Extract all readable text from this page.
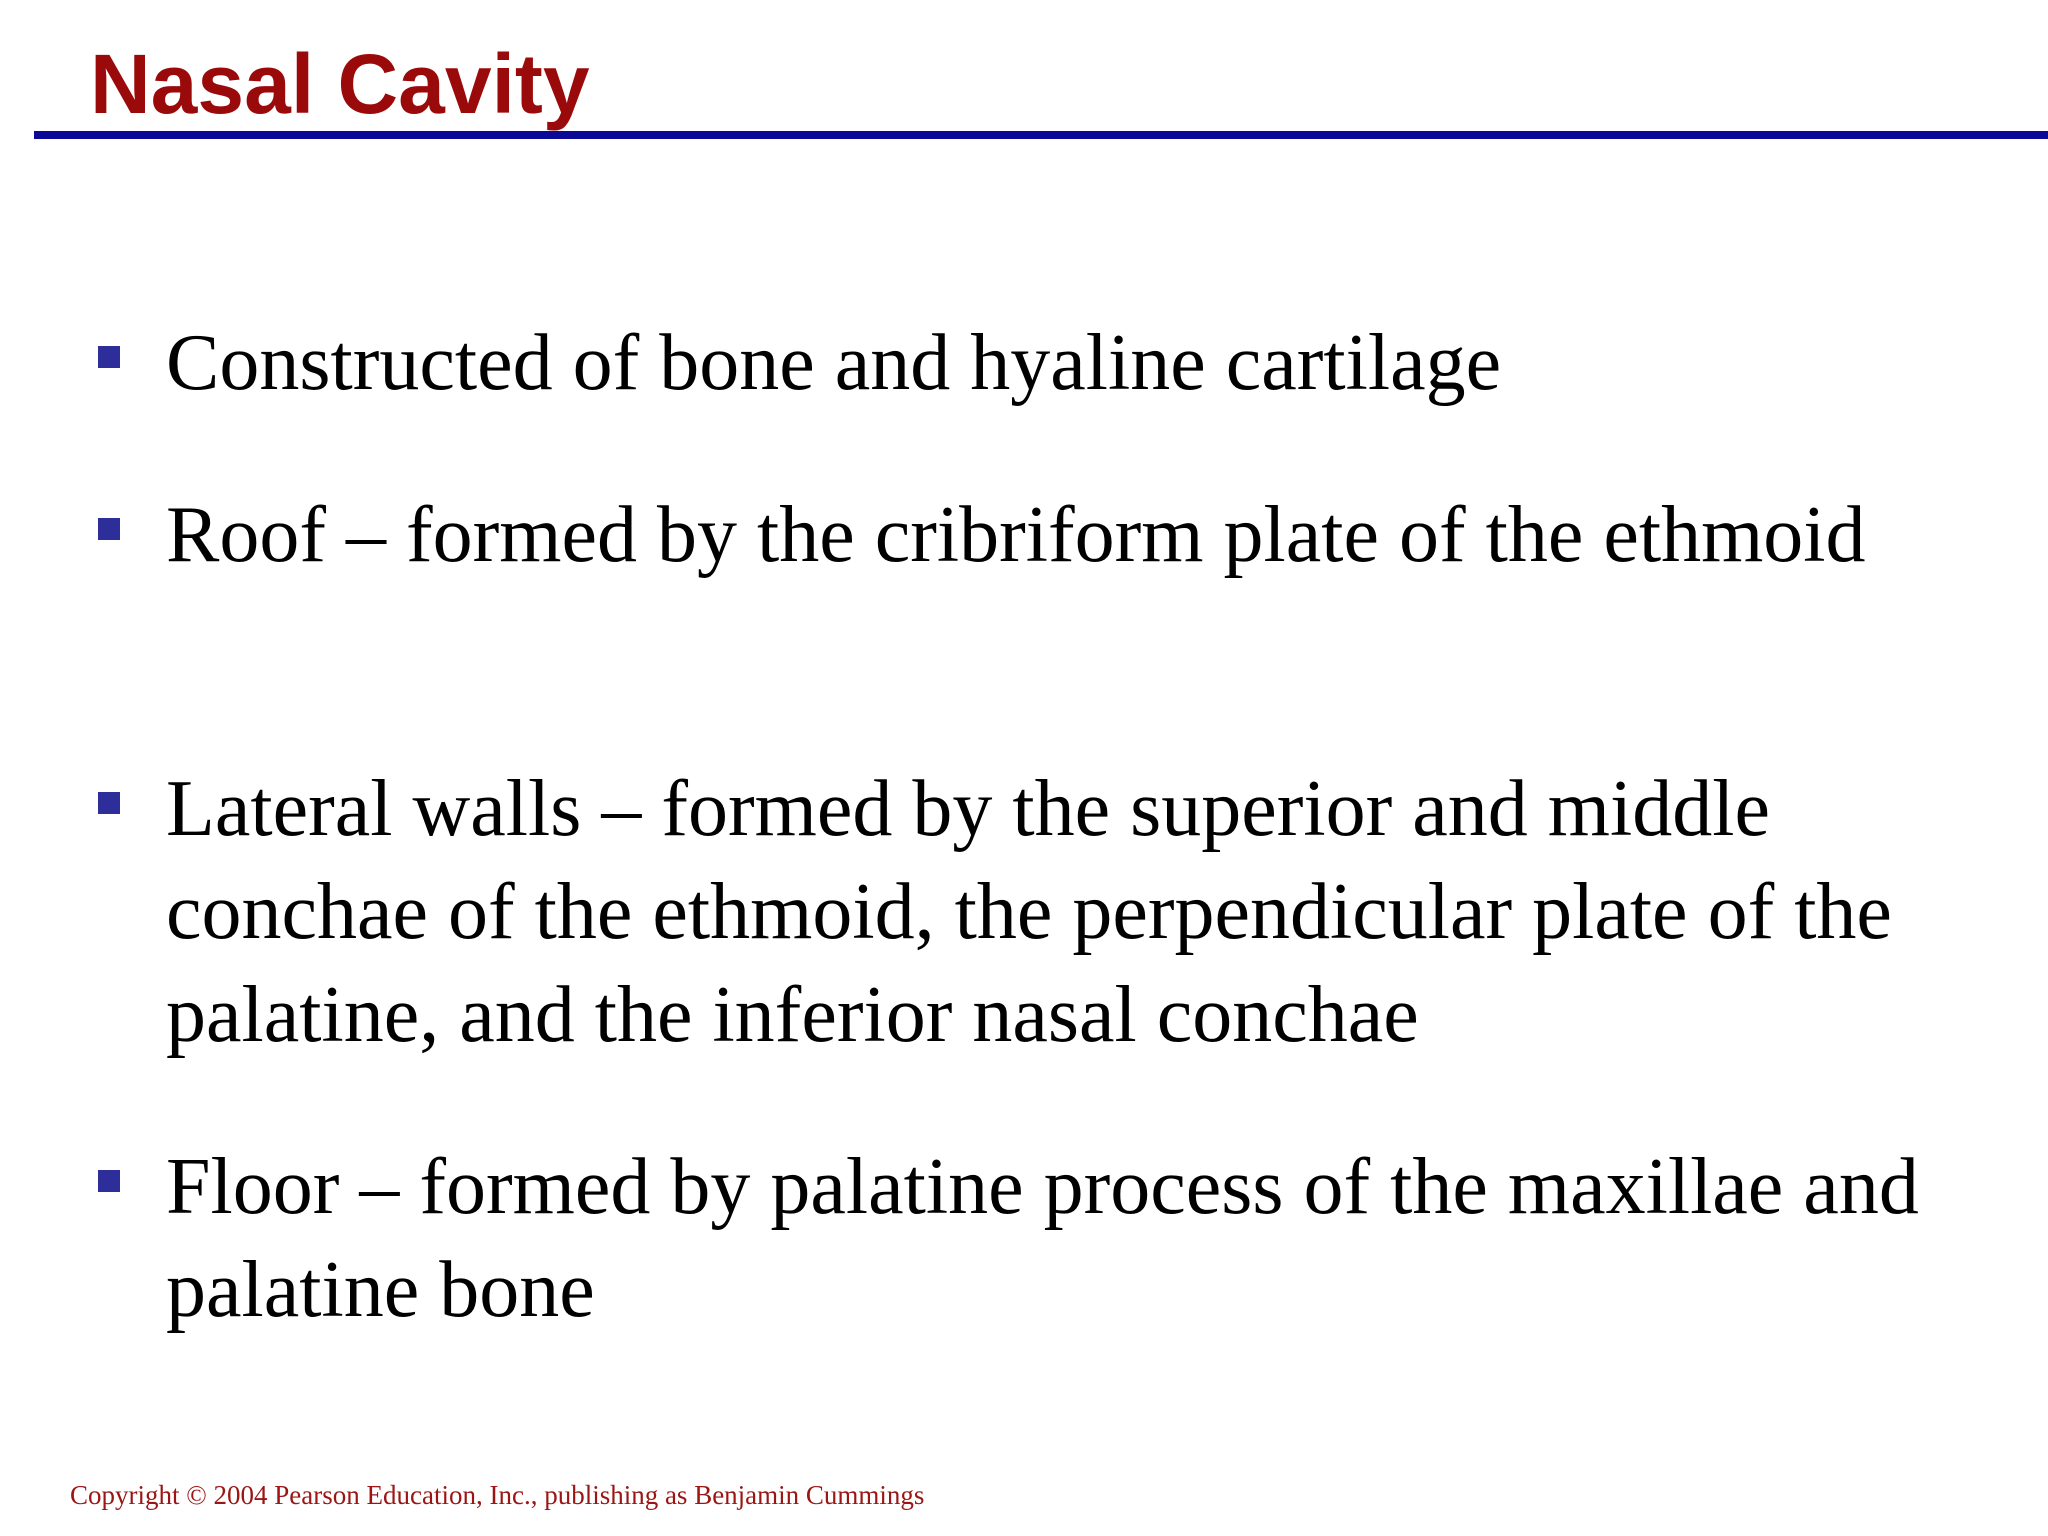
Nasal Cavity
Constructed of bone and hyaline cartilage
Roof – formed by the cribriform plate of the ethmoid
Lateral walls – formed by the superior and middle conchae of the ethmoid, the perpendicular plate of the palatine, and the inferior nasal conchae
Floor – formed by palatine process of the maxillae and palatine bone
Copyright © 2004 Pearson Education, Inc., publishing as Benjamin Cummings
